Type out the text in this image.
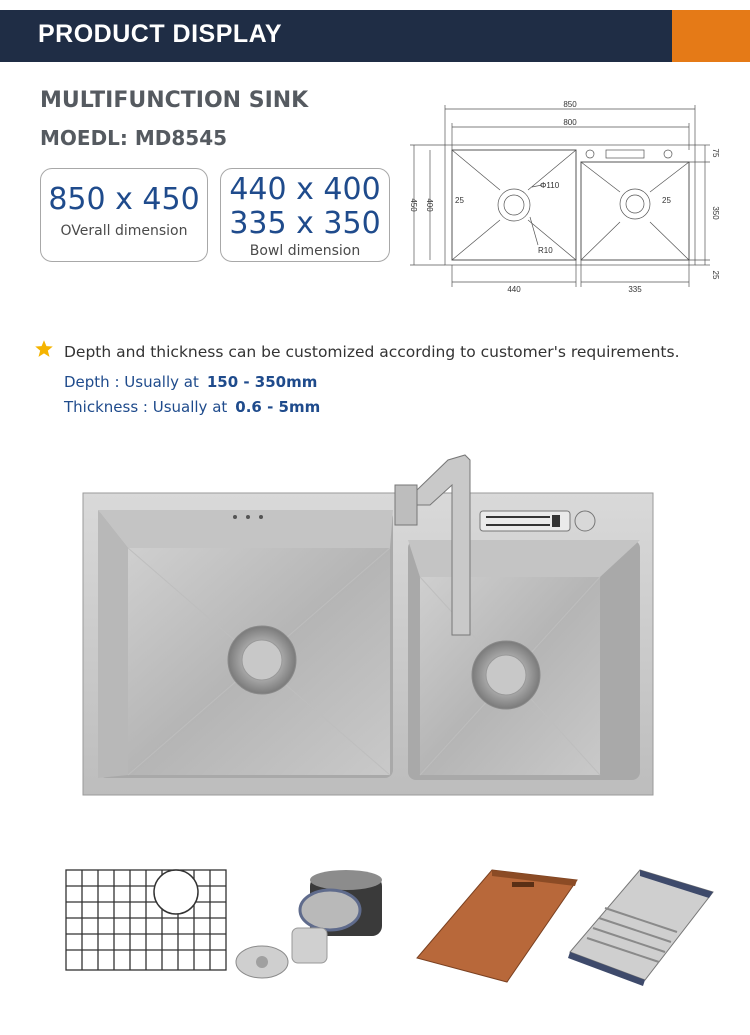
PRODUCT DISPLAY
MULTIFUNCTION SINK
MOEDL: MD8545
850 x 450
OVerall dimension
440 x 400
335 x 350
Bowl dimension
850
800
450 400
440	335
75
350
25
25	25
Φ110
R10
Depth and thickness can be customized according to customer's requirements.
Depth : Usually at 150 - 350mm
Thickness : Usually at 0.6 - 5mm
